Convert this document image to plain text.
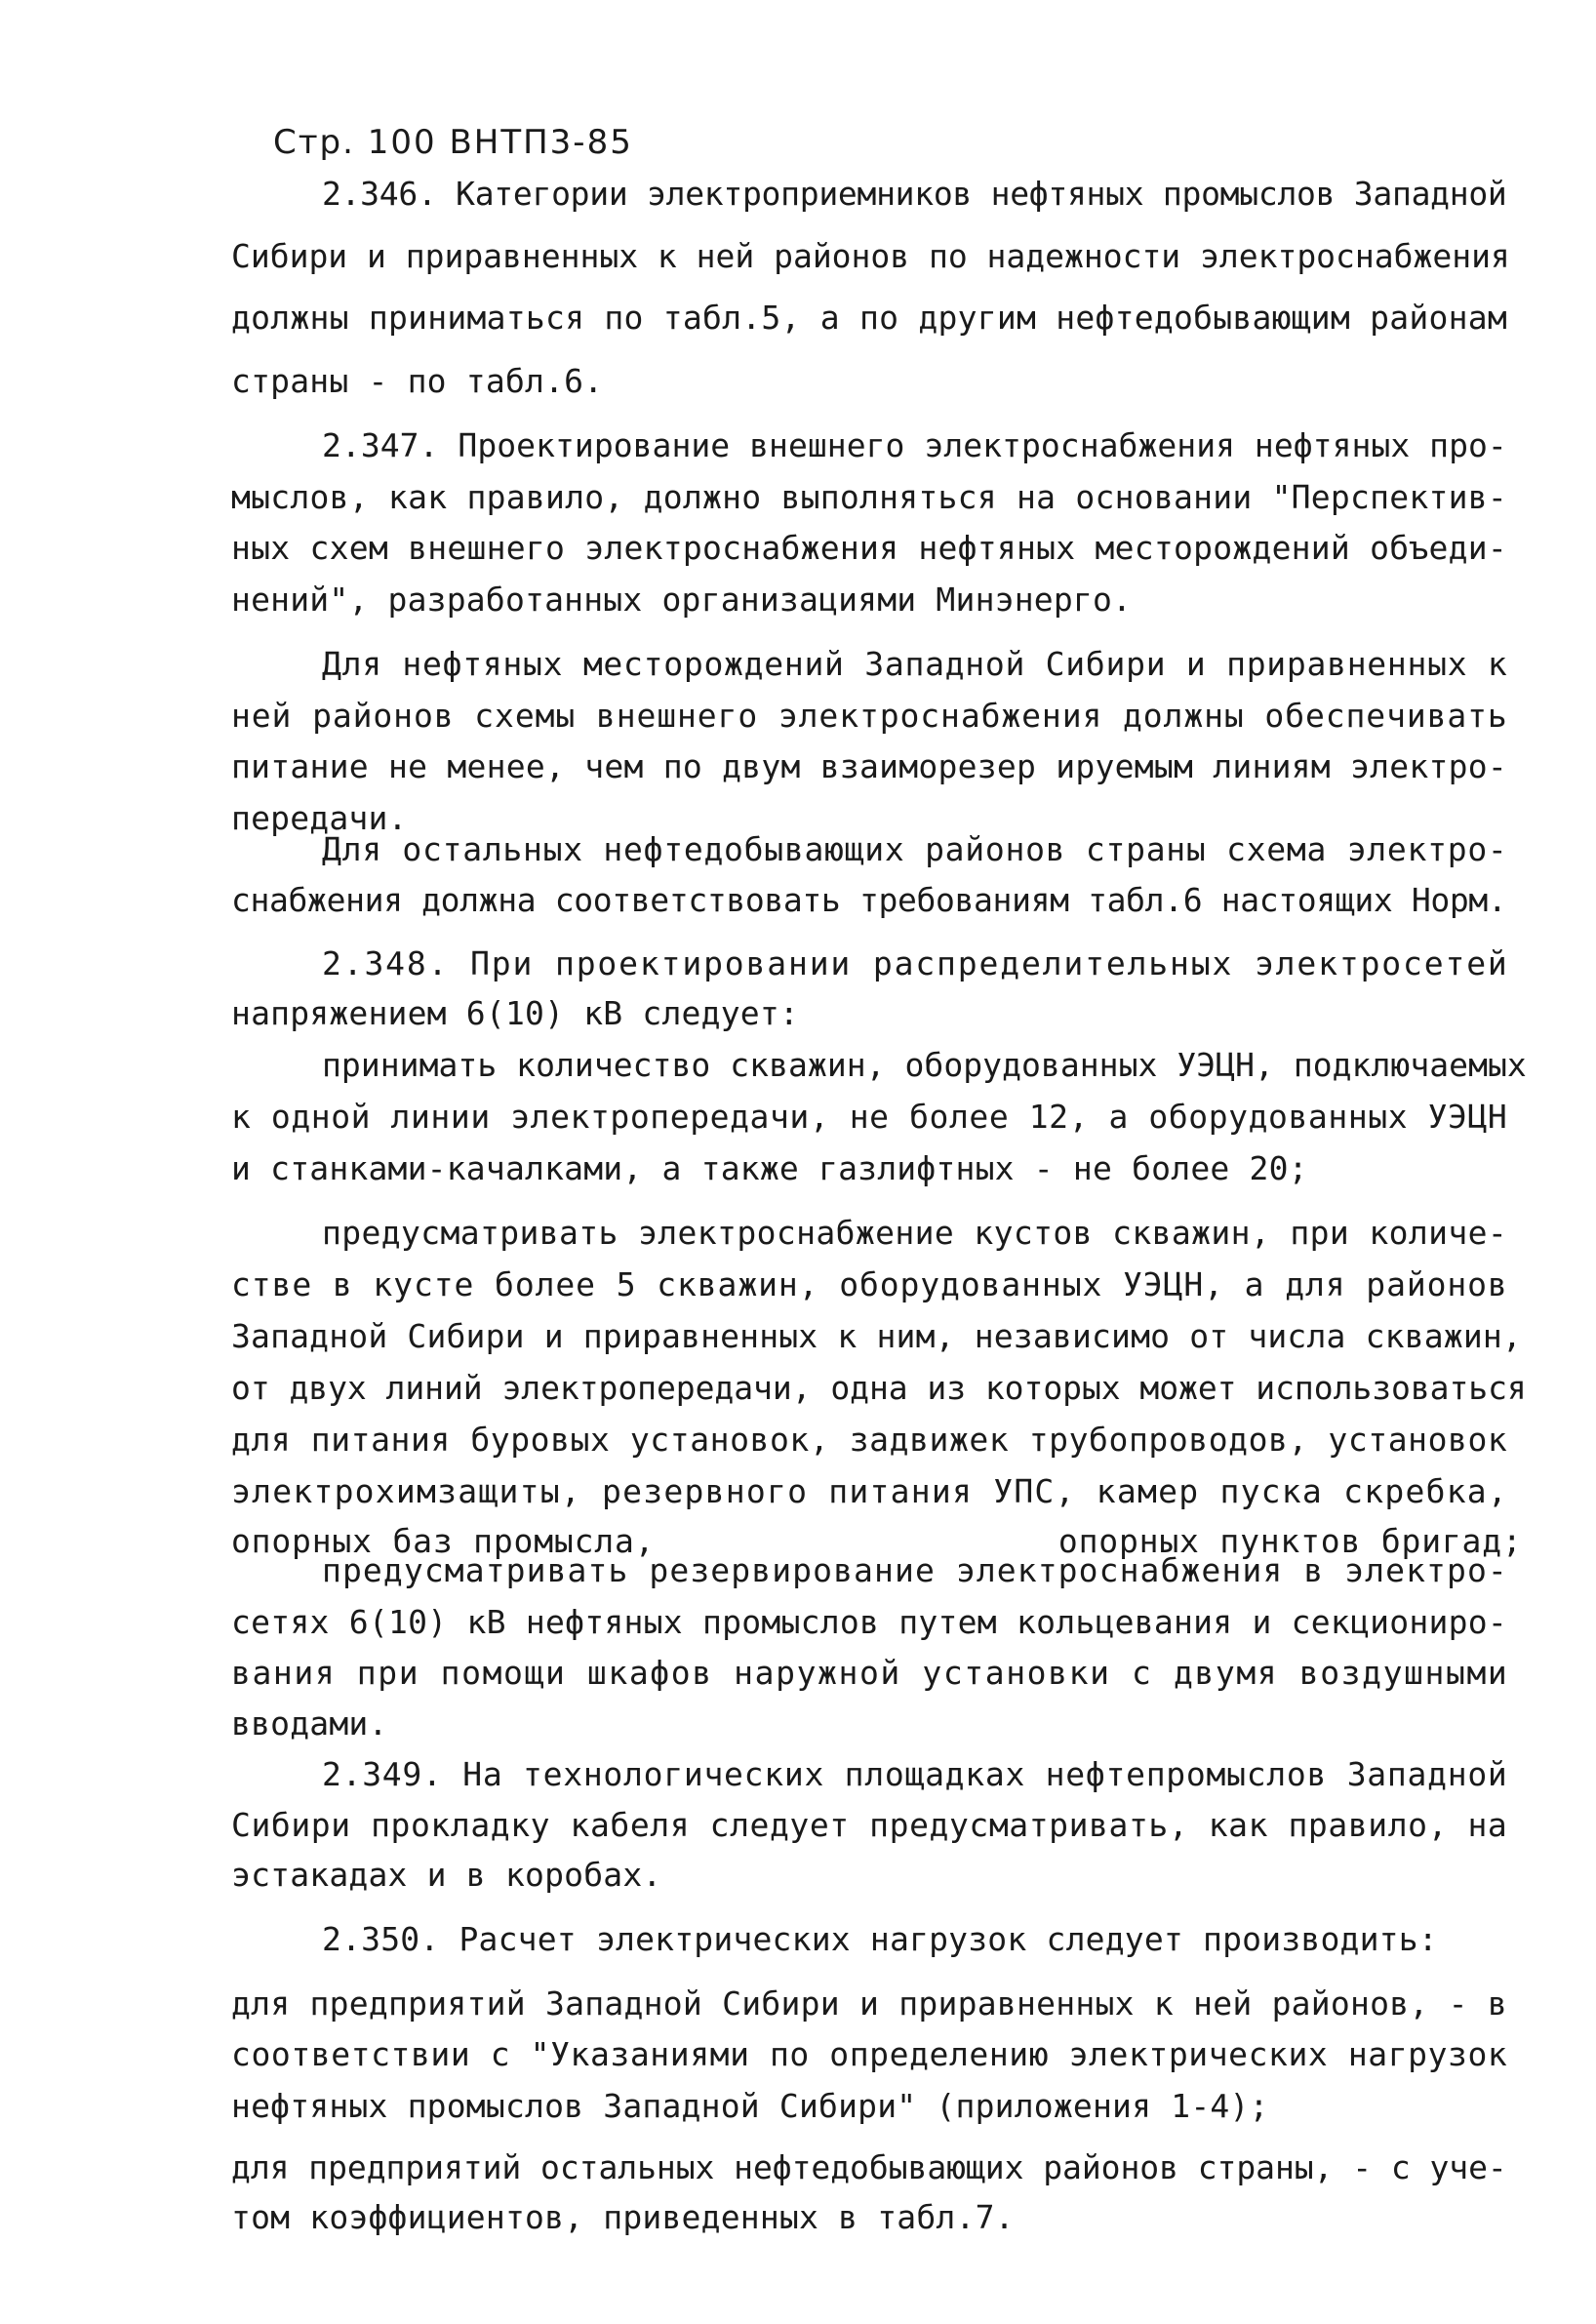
Стр. 100 ВНТП3-85
2.346. Категории электроприемников нефтяных промыслов Западной
Сибири и приравненных к ней районов по надежности электроснабжения
должны приниматься по табл.5, а по другим нефтедобывающим районам
страны - по табл.6.
2.347. Проектирование внешнего электроснабжения нефтяных про-
мыслов, как правило, должно выполняться на основании "Перспектив-
ных схем внешнего электроснабжения нефтяных месторождений объеди-
нений", разработанных организациями Минэнерго.
Для нефтяных месторождений Западной Сибири и приравненных к
ней районов схемы внешнего электроснабжения должны обеспечивать
питание не менее, чем по двум взаиморезер ируемым линиям электро-
передачи.
Для остальных нефтедобывающих районов страны схема электро-
снабжения должна соответствовать требованиям табл.6 настоящих Норм.
2.348. При проектировании распределительных электросетей
напряжением 6(10) кВ следует:
принимать количество скважин, оборудованных УЭЦН, подключаемых
к одной линии электропередачи, не более 12, а оборудованных УЭЦН
и станками-качалками, а также газлифтных - не более 20;
предусматривать электроснабжение кустов скважин, при количе-
стве в кусте более 5 скважин, оборудованных УЭЦН, а для районов
Западной Сибири и приравненных к ним, независимо от числа скважин,
от двух линий электропередачи, одна из которых может использоваться
для питания буровых установок, задвижек трубопроводов, установок
электрохимзащиты, резервного питания УПС, камер пуска скребка,
опорных баз промысла,                    опорных пунктов бригад;
предусматривать резервирование электроснабжения в электро-
сетях 6(10) кВ нефтяных промыслов путем кольцевания и секциониро-
вания при помощи шкафов наружной установки с двумя воздушными
вводами.
2.349. На технологических площадках нефтепромыслов Западной
Сибири прокладку кабеля следует предусматривать, как правило, на
эстакадах и в коробах.
2.350. Расчет электрических нагрузок следует производить:
для предприятий Западной Сибири и приравненных к ней районов, - в
соответствии с "Указаниями по определению электрических нагрузок
нефтяных промыслов Западной Сибири" (приложения 1-4);
для предприятий остальных нефтедобывающих районов страны, - с уче-
том коэффициентов, приведенных в табл.7.
